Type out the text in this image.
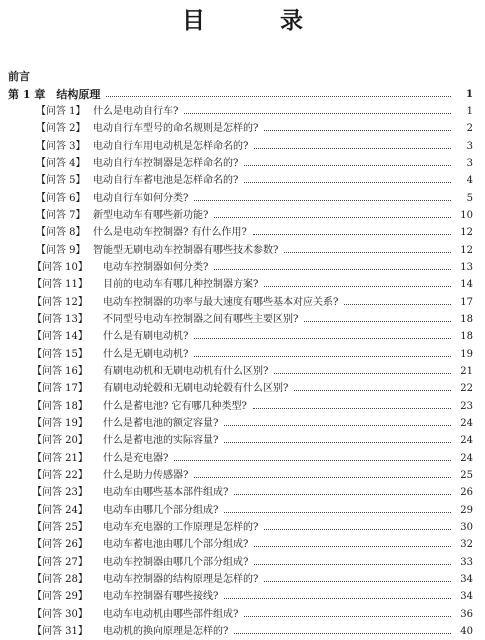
目　录
前言
第 1 章　结构原理	1
【问答 1】 什么是电动自行车?	1
【问答 2】 电动自行车型号的命名规则是怎样的?	2
【问答 3】 电动自行车用电动机是怎样命名的?	3
【问答 4】 电动自行车控制器是怎样命名的?	3
【问答 5】 电动自行车蓄电池是怎样命名的?	4
【问答 6】 电动自行车如何分类?	5
【问答 7】 新型电动车有哪些新功能?	10
【问答 8】 什么是电动车控制器? 有什么作用?	12
【问答 9】 智能型无刷电动车控制器有哪些技术参数?	12
【问答 10】 电动车控制器如何分类?	13
【问答 11】 目前的电动车有哪几种控制器方案?	14
【问答 12】 电动车控制器的功率与最大速度有哪些基本对应关系?	17
【问答 13】 不同型号电动车控制器之间有哪些主要区别?	18
【问答 14】 什么是有刷电动机?	18
【问答 15】 什么是无刷电动机?	19
【问答 16】 有刷电动机和无刷电动机有什么区别?	21
【问答 17】 有刷电动轮毂和无刷电动轮毂有什么区别?	22
【问答 18】 什么是蓄电池? 它有哪几种类型?	23
【问答 19】 什么是蓄电池的额定容量?	24
【问答 20】 什么是蓄电池的实际容量?	24
【问答 21】 什么是充电器?	24
【问答 22】 什么是助力传感器?	25
【问答 23】 电动车由哪些基本部件组成?	26
【问答 24】 电动车由哪几个部分组成?	29
【问答 25】 电动车充电器的工作原理是怎样的?	30
【问答 26】 电动车蓄电池由哪几个部分组成?	32
【问答 27】 电动车控制器由哪几个部分组成?	33
【问答 28】 电动车控制器的结构原理是怎样的?	34
【问答 29】 电动车控制器有哪些接线?	34
【问答 30】 电动车电动机由哪些部件组成?	36
【问答 31】 电动机的换向原理是怎样的?	40
